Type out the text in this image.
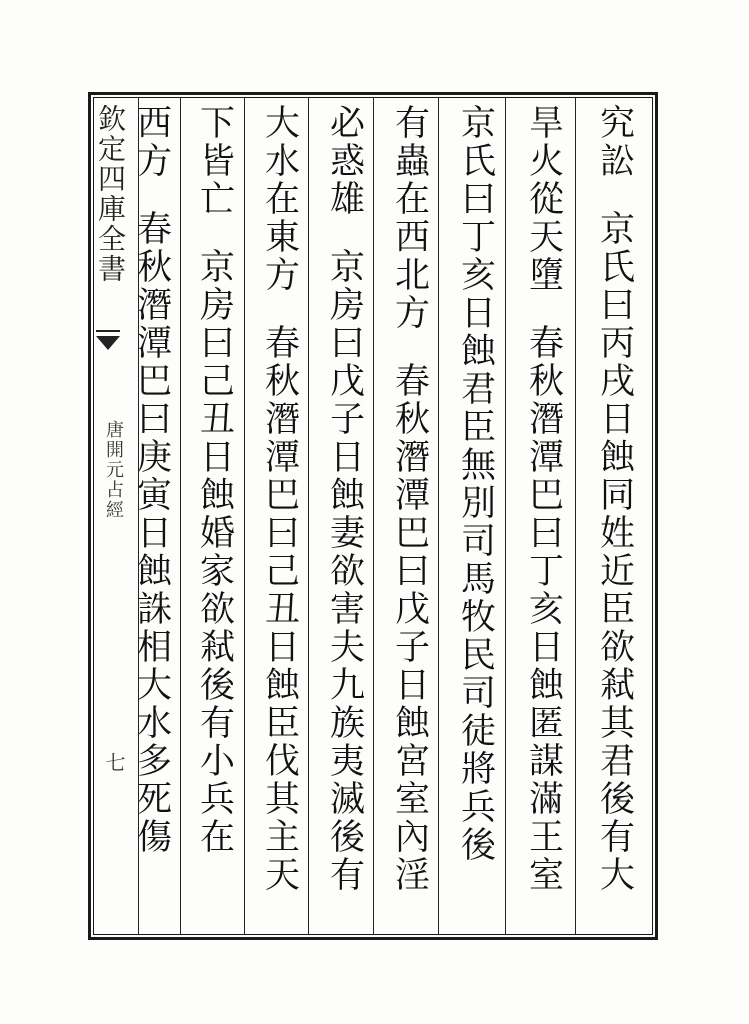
欽定四庫全書
唐開元占經
七
究訟
京氏曰丙戌日蝕同姓近臣欲弒其君後有大
旱火從天墮
春秋潛潭巴曰丁亥日蝕匿謀滿王室
京氏曰丁亥日蝕君臣無別司馬牧民司徒將兵後
有蟲在西北方
春秋潛潭巴曰戊子日蝕宮室內淫
必惑雄
京房曰戊子日蝕妻欲害夫九族夷滅後有
大水在東方
春秋潛潭巴曰己丑日蝕臣伐其主天
下皆亡
京房曰己丑日蝕婚家欲弒後有小兵在
西方
春秋潛潭巴曰庚寅日蝕誅相大水多死傷
